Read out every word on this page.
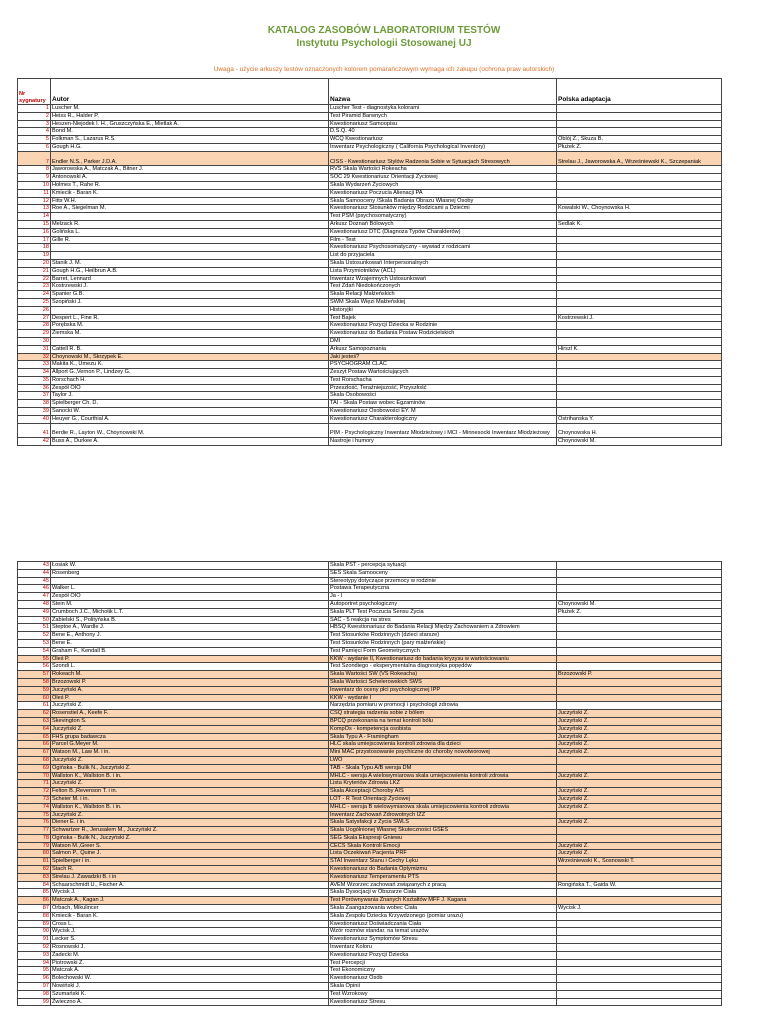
KATALOG ZASOBÓW LABORATORIUM TESTÓW
Instytutu Psychologii Stosowanej UJ
Uwaga - użycie arkuszy testów oznaczonych kolorem pomarańczowym wymaga ich zakupu (ochrona praw autorskich)
Nr sygnatury	Autor	Nazwa	Polska adaptacja
1	Luscher M.	Luscher Test - diagnostyka kolorami	
2	Heiss R., Halder P.	Test Piramid Barwnych	
3	Heszen-Niejodek I. H., Gruszczyńska E., Mietlak A.	Kwestionariusz Samoopisu	
4	Bond M.	D.S.Q. 40	
5	Folkman S., Lazarus R.S.	WCQ Kwestionariusz	Oblój Ż., Skuza B.
6	Gough H.G.	Inwentarz Psychologiczny ( California Psychological Inventory)	Płużek Z.
7	Endler N.S., Parker J.D.A.	CISS - Kwestionariusz Stylów Radzenia Sobie w Sytuacjach Stresowych	Strelau J., Jaworowska A., Wrześniewski K., Szczepaniak
8	Jaworowska A., Matczak A., Bitner J.	RVS Skala Wartości Rokeacha	
9	Antonowski A.	SOC 29 Kwestionariusz Orientacji Życiowej	
10	Holmes T., Rahe R.	Skala Wydarzeń Życiowych	
11	Kmiecik - Baran K.	Kwestionariusz Poczucia Alienacji PA	
12	Fitts W.H.	Skala Samooceny /Skala Badania Obrazu Własnej Osoby	
13	Roe A., Siegelman M.	Kwestionariusz Stosunków między Rodzicami a Dziećmi	Kowalski W., Choynowska H.
14		Test PSM (psychosomatyczny)	
15	Melzack R.	Arkusz Doznań Bólowych	Sedlak K.
16	Golińska L.	Kwestionariusz DTC (Diagnoza Typów Charakterów)	
17	Gille R.	Film - Test	
18		Kwestionariusz Psychosomatyczny - wywiad z rodzicami	
19		List do przyjaciela	
20	Stanik J. M.	Skala Ustosunkowań Interpersonalnych	
21	Gough H.G., Heilbrun A.B.	Lista Przymiotników (ACL)	
22	Barret, Lennard	Inwentarz Wzajemnych Ustosunkowań	
23	Kostrzewski J.	Test Zdań Niedokończonych	
24	Spanier G.B.	Skala Relacji Małżeńskich	
25	Szopiński J.	SWM Skala Więzi Małżeńskiej	
26		Historyjki	
27	Despert L., Fine R.	Test Bajek	Kostrzewski J.
28	Porębska M.	Kwestionariusz Pozycji Dziecka w Rodzinie	
29	Ziemska M.	Kwestionariusz do Badania Postaw Rodzicielskich	
30		DMI	
31	Cattell R. B.	Arkusz Samopoznania	Hirszl K.
32	Choynowski M., Skrzypek E.	Jaki jesteś?	
33	Makita K., Umezu K.	PSYCHOGRAM CLAC	
34	Allport G.,Vernon P., Lindzey G.	Zeszyt Postaw Wartościujących	
35	Rorschach H.	Test Rorschacha	
36	Zespół OIO	Przeszłość, Teraźniejszość, Przyszłość	
37	Taylor J.	Skala Osobowości	
38	Spielberger Ch. D.	TAI - Skala Postaw wobec Egzaminów	
39	Sanocki W.	Kwestionariusz Osobowości EY. M	
40	Heuyer G., Courthial A.	Kwestionariusz Charakterologiczny	Ostrihanska Y.
41	Berdie R., Layton W., Choynowski M.	PIM - Psychologiczny Inwentarz Młodzieżowy i MCI - Minnesocki Inwentarz Młodzieżowy	Choynowska H.
42	Buss A., Durkee A.	Nastroje i humory	Choynowski M.
43	Łosiak W.	Skala PST - percepcja sytuacji	
44	Rosenberg	SES Skala Samooceny	
45		Stereotypy dotyczące przemocy w rodzinie	
46	Walker L.	Postawa Terapeutyczna	
47	Zespół OIO	Ja - I	
48	Stein M.	Autoportret psychologiczny	Choynowski M.
49	Crumboch J.C., Michołik L.T.	Skala PLT Test Poczucia Sensu Życia	Płużek Z.
50	Zabielski S., Polityńska B.	SAC - 5 reakcja na stres	
51	Steptoe A., Wardle J.	HBSQ Kwestionariusz do Badania Relacji Między Zachowaniem a Zdrowiem	
52	Bene E., Anthony J.	Test Stosunków Rodzinnych (dzieci starsze)	
53	Bene E.	Test Stosunków Rodzinnych (pary małżeńskie)	
54	Graham F., Kendall B.	Test Pamięci Form Geometrycznych	
55	Oleś P.	KKW - wydanie II, Kwestionariusz do badania kryzysu w wartościowaniu	
56	Szondi L.	Test Szondiego - eksperymentalna diagnostyka popędów	
57	Rokeach M.	Skala Wartości SW (VS Rokeacha)	Brzozowski P.
58	Brzozowski P.	Skala Wartości Schelerowskich SWS	
59	Juczyński A.	Inwentarz do oceny płci psychologicznej IPP	
60	Oleś P.	KKW - wydanie I	
61	Juczyński Z.	Narzędzia pomiaru w promocji i psychologii zdrowia	
62	Rosenstiel A., Keefe F.	CSQ strategia radzenia sobie z bólem	Juczyński Z.
63	Skevington S.	BPCQ przekonania na temat kontroli bólu	Juczyński Z.
64	Juczyński Z.	KompOs - kompetencja osobista	Juczyński Z.
65	FHS grupa badawcza	Skala Typu A - Framingham	Juczyński Z.
66	Parcel G.Meyer M.	HLC skala umiejscowienia kontroli zdrowia dla dzieci	Juczyński Z.
67	Watson M., Law M. i in.	Mini MAC przystosowanie psychiczne do choroby nowotworowej	Juczyński Z.
68	Juczyński Z.	LWO	
69	Ogińska - Bulik N., Juczyński Z.	TAB - Skala Typu A/B wersja DM	
70	Wallston K., Wallston B. i in.	MHLC - wersja A wielowymiarowa skala umiejscowienia kontroli zdrowia	Juczyński Z.
71	Juczyński Z.	Lista Kryteriów Zdrowia LKZ	
72	Felton B.,Revenson T. i in.	Skala Akceptacji Choroby AIS	Juczyński Z.
73	Scheier M. i in.	LOT - R Test Orientacji Życiowej	Juczyński Z.
74	Wallston K., Wallston B. i in.	MHLC - wersja B wielowymiarowa skala umiejscowienia kontroli zdrowia	Juczyński Z.
75	Juczyński Z.	Inwentarz Zachowań Zdrowotnych IZZ	
76	Diener E. i in.	Skala Satysfakcji z Życia SWLS	Juczyński Z.
77	Schwartzer R., Jerusalem M., Juczyński Z.	Skala Uogólnionej Własnej Skuteczności GSES	
78	Ogińska - Bulik N., Juczyński Z.	SEG Skala Ekspresji Gniewu	
79	Watson M.,Greer S.	CECS Skala Kontroli Emocji	Juczyński Z.
80	Salmon P., Quine J.	Lista Oczekiwań Pacjenta PRF	Juczyński Z.
81	Spielberger i in.	STAI Inwentarz Stanu i Cechy Lęku	Wrześniewski K., Sosnowski T.
82	Stach R.	Kwestionariusz do Badania Optymizmu	
83	Strelau J. Zawadzki B. i in	Kwestionariusz Temperamentu PTS	
84	Schaarschmidt U., Fischer A.	AVEM Wzorzec zachowań związanych z pracą	Rongińska T., Gaida W.
85	Wycisk J.	Skala Dysocjacji w Obszarze Ciała	
86	Matczak A., Kagan J.	Test Porównywania Znanych Kształtów MFF J. Kagana	
87	Orbach, Mikulincer	Skala Zaangażowania wobec Ciała	Wycisk J.
88	Kmiecik - Baran K.	Skala Zespołu Dziecka Krzywdzonego (pomiar urazu)	
89	Cross L.	Kwestionariusz Doświadczania Ciała	
90	Wycisk J.	Wzór rozmów standar. na temat urazów	
91	Lecker S.	Kwestionariusz Symptomów Stresu	
92	Rosnowski J.	Inwentarz Koloru	
93	Zadecki M.	Kwestionariusz Pozycji Dziecka	
94	Piotrowski Z.	Test Percepcji	
95	Matczak A.	Test Ekonomiczny	
96	Bolechowski W.	Kwestionariusz Osób	
97	Nowiński J.	Skala Opinii	
98	Szumański K.	Test Wzrokowy	
99	Zwieczno A.	Kwestionariusz Stresu	
